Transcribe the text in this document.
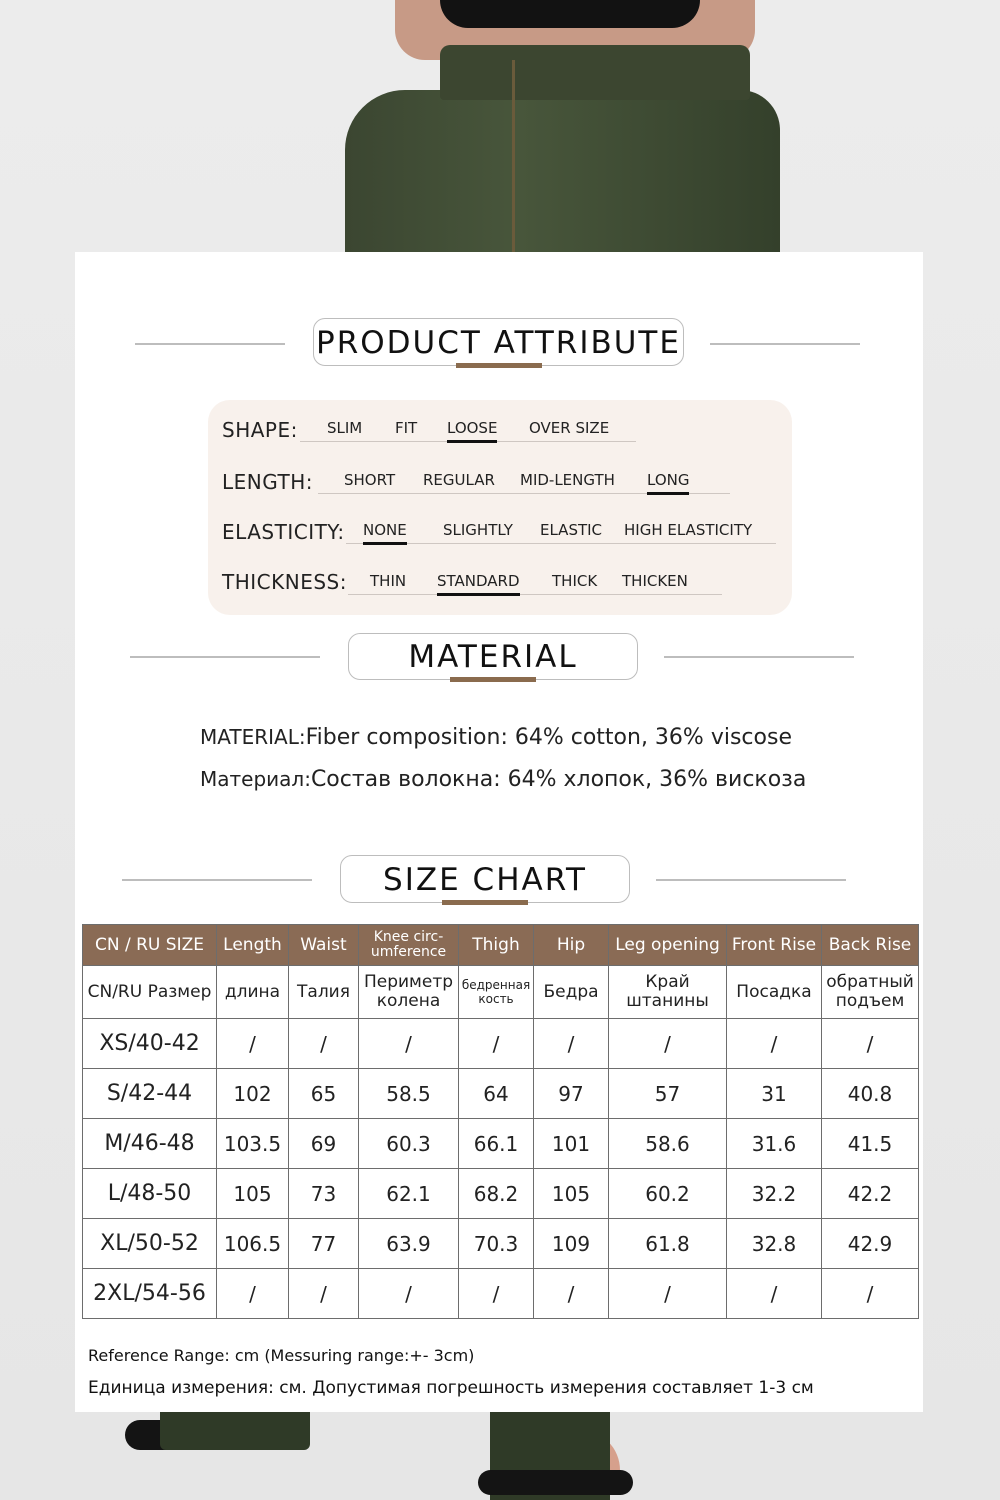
PRODUCT ATTRIBUTE
SHAPE: SLIM FIT LOOSE OVER SIZE
LENGTH: SHORT REGULAR MID-LENGTH LONG
ELASTICITY: NONE SLIGHTLY ELASTIC HIGH ELASTICITY
THICKNESS: THIN STANDARD THICK THICKEN
MATERIAL
MATERIAL:Fiber composition: 64% cotton, 36% viscose
Материал:Состав волокна: 64% хлопок, 36% вискоза
SIZE CHART
CN / RU SIZE	Length	Waist	Knee circ-umference	Thigh	Hip	Leg opening	Front Rise	Back Rise
CN/RU Размер	длина	Талия	Периметр колена	бедренная кость	Бедра	Край штанины	Посадка	обратный подъем
XS/40-42	/	/	/	/	/	/	/	/
S/42-44	102	65	58.5	64	97	57	31	40.8
M/46-48	103.5	69	60.3	66.1	101	58.6	31.6	41.5
L/48-50	105	73	62.1	68.2	105	60.2	32.2	42.2
XL/50-52	106.5	77	63.9	70.3	109	61.8	32.8	42.9
2XL/54-56	/	/	/	/	/	/	/	/
Reference Range: cm (Messuring range:+- 3cm)
Единица измерения: см. Допустимая погрешность измерения составляет 1-3 см
